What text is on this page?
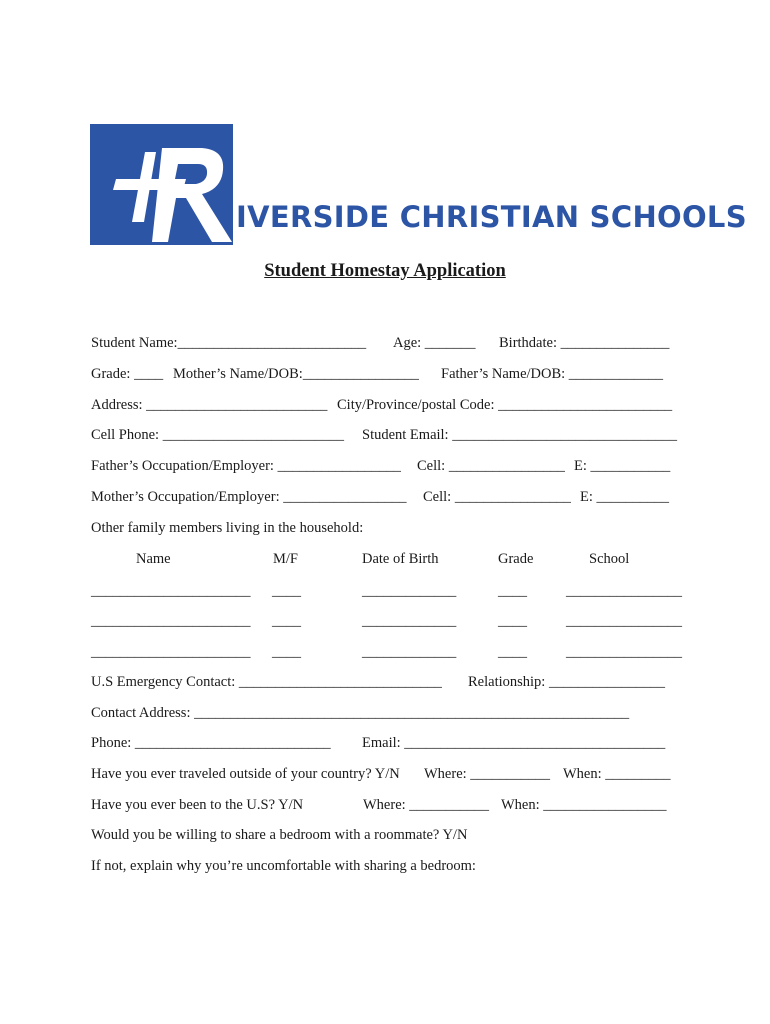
IVERSIDE CHRISTIAN SCHOOLS
Student Homestay Application
Student Name:__________________________ Age: _______ Birthdate: _______________
Grade: ____ Mother’s Name/DOB:________________ Father’s Name/DOB: _____________
Address: _________________________ City/Province/postal Code: ________________________
Cell Phone: _________________________ Student Email: _______________________________
Father’s Occupation/Employer: _________________ Cell: ________________ E: ___________
Mother’s Occupation/Employer: _________________ Cell: ________________ E: __________
Other family members living in the household:
Name	M/F	Date of Birth	Grade	School
______________________ ____	_____________	____	________________
______________________ ____	_____________	____	________________
______________________ ____	_____________	____	________________
U.S Emergency Contact: ____________________________ Relationship: ________________
Contact Address: ____________________________________________________________
Phone: ___________________________ Email: ____________________________________
Have you ever traveled outside of your country? Y/N Where: ___________ When: _________
Have you ever been to the U.S? Y/N	Where: ___________ When: _________________
Would you be willing to share a bedroom with a roommate? Y/N
If not, explain why you’re uncomfortable with sharing a bedroom:
